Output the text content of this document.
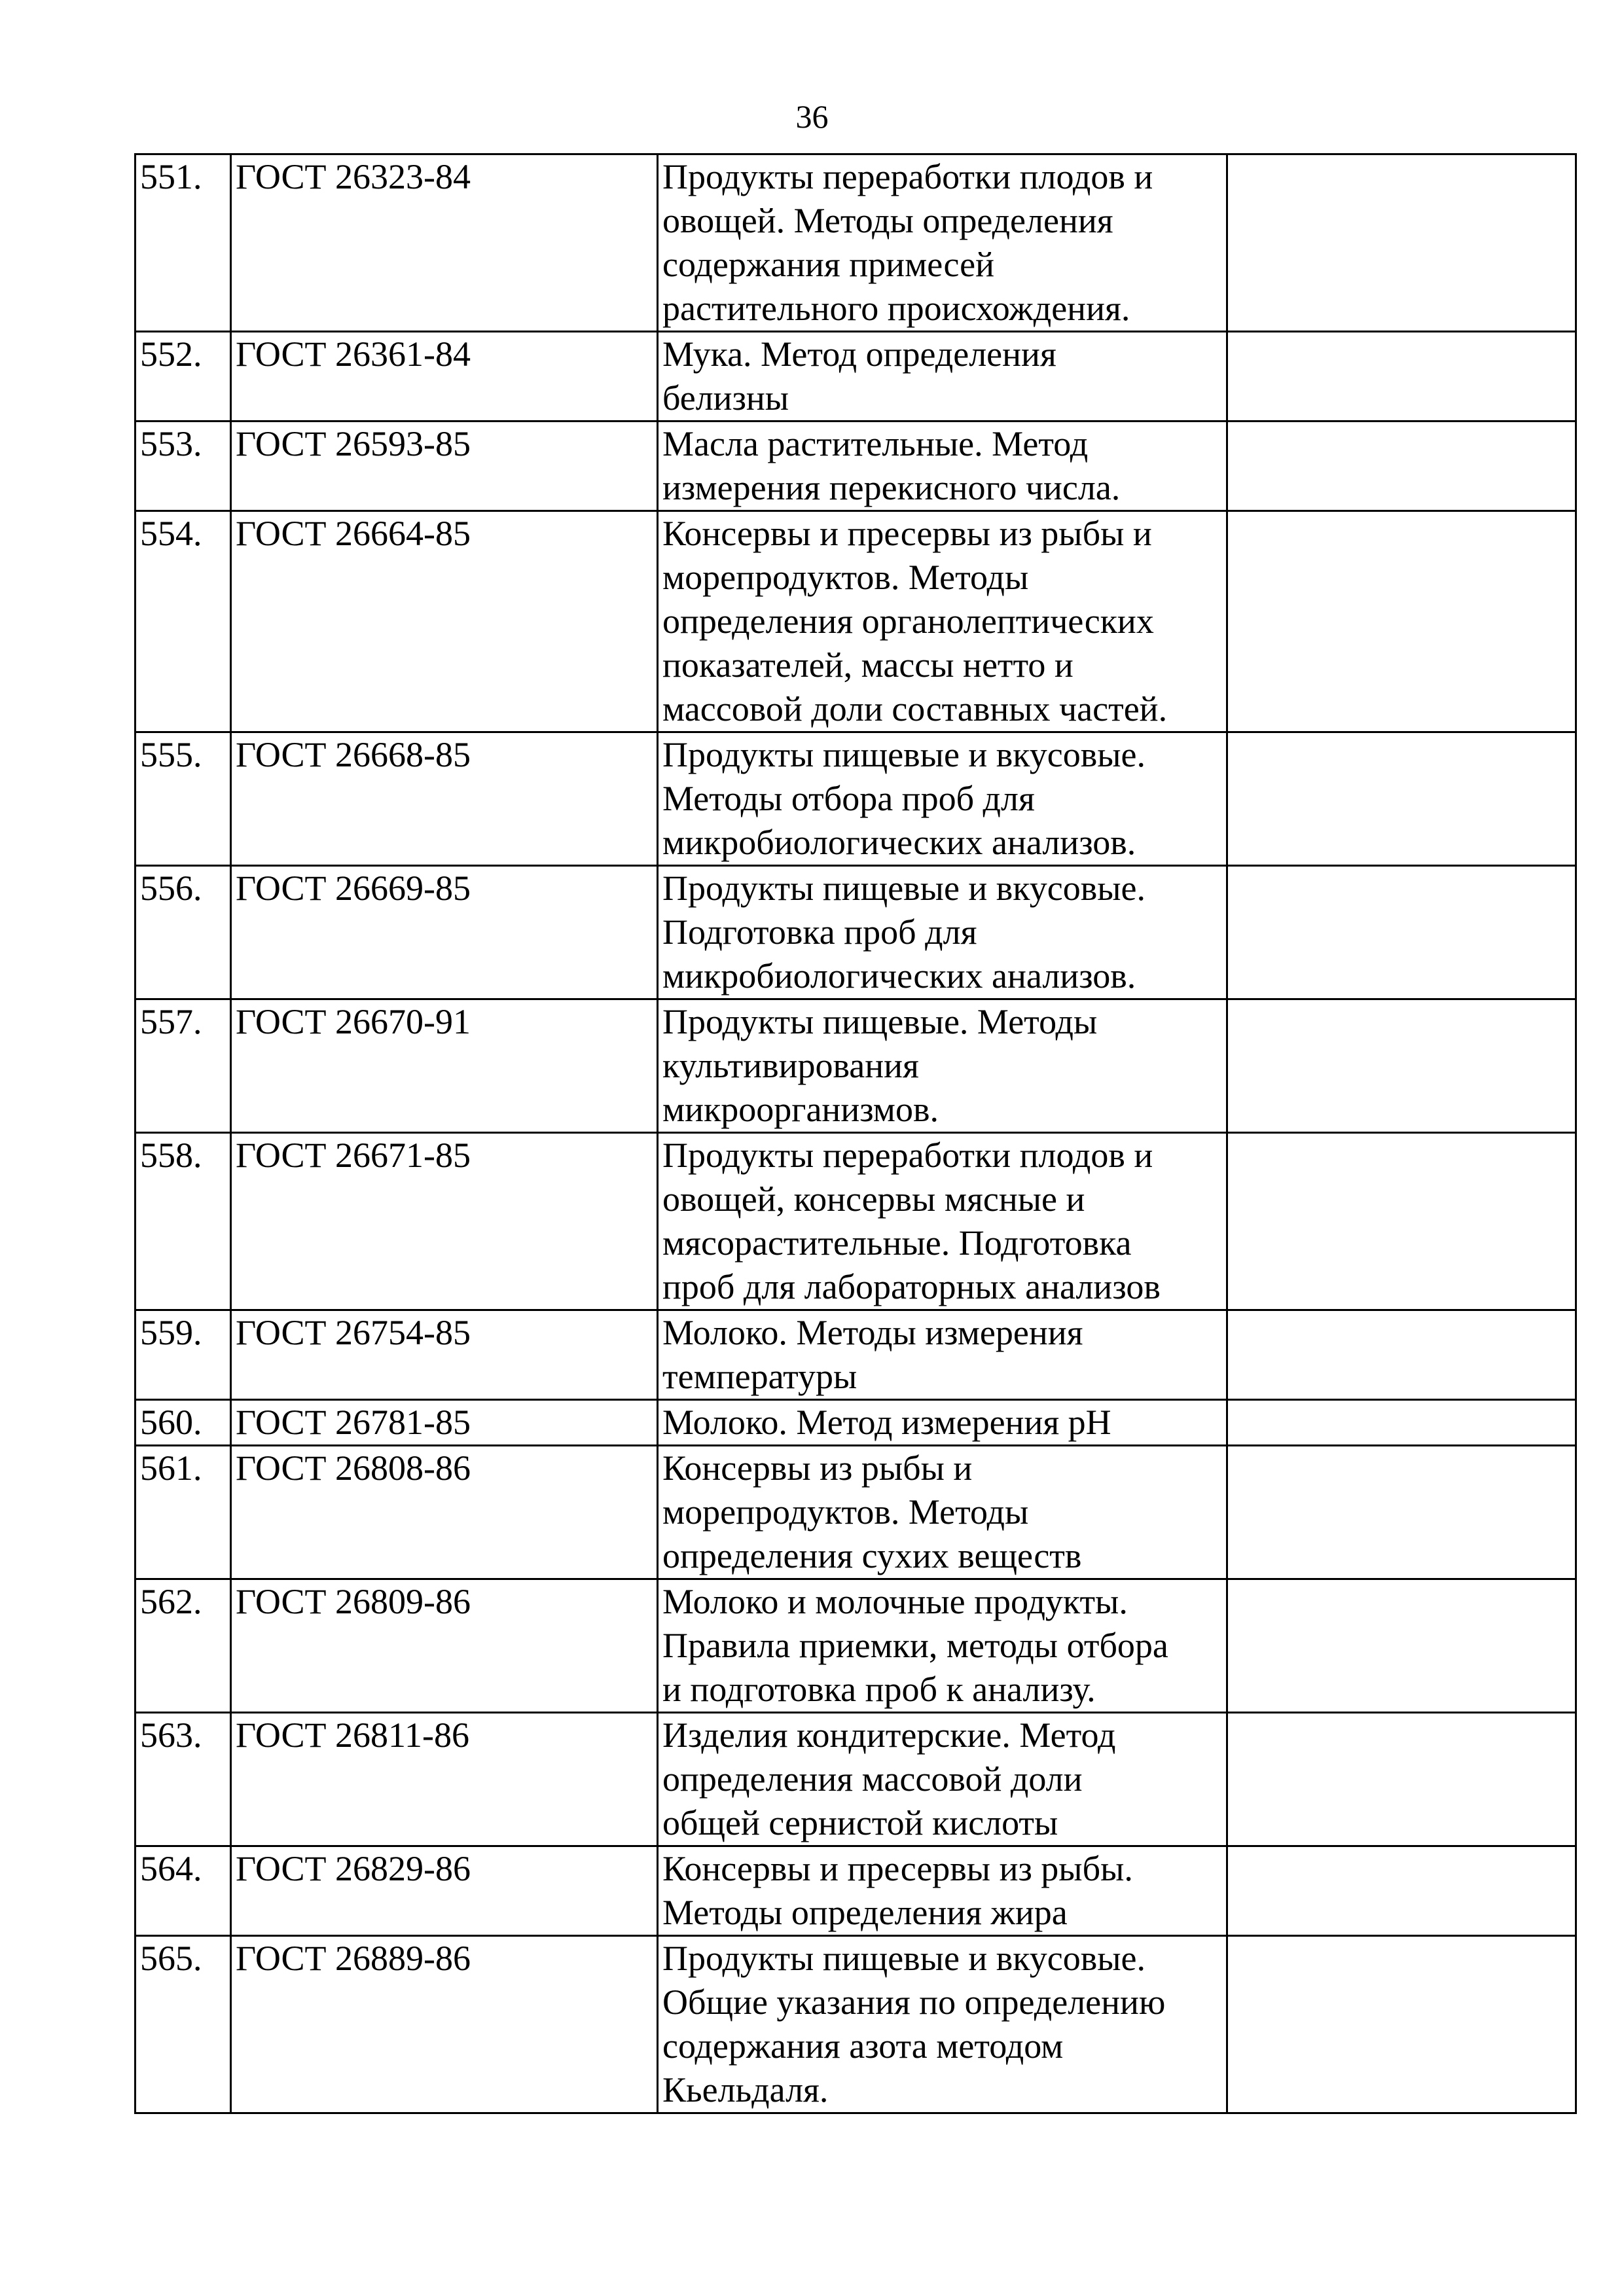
36
551.	ГОСТ 26323-84	Продукты переработки плодов и
овощей. Методы определения
содержания примесей
растительного происхождения.	

552.	ГОСТ 26361-84	Мука. Метод определения
белизны	

553.	ГОСТ 26593-85	Масла растительные. Метод
измерения перекисного числа.	

554.	ГОСТ 26664-85	Консервы и пресервы из рыбы и
морепродуктов. Методы
определения органолептических
показателей, массы нетто и
массовой доли составных частей.	

555.	ГОСТ 26668-85	Продукты пищевые и вкусовые.
Методы отбора проб для
микробиологических анализов.	

556.	ГОСТ 26669-85	Продукты пищевые и вкусовые.
Подготовка проб для
микробиологических анализов.	

557.	ГОСТ 26670-91	Продукты пищевые. Методы
культивирования
микроорганизмов.	

558.	ГОСТ 26671-85	Продукты переработки плодов и
овощей, консервы мясные и
мясорастительные. Подготовка
проб для лабораторных анализов	

559.	ГОСТ 26754-85	Молоко. Методы измерения
температуры	

560.	ГОСТ 26781-85	Молоко. Метод измерения pH	

561.	ГОСТ 26808-86	Консервы из рыбы и
морепродуктов. Методы
определения сухих веществ	

562.	ГОСТ 26809-86	Молоко и молочные продукты.
Правила приемки, методы отбора
и подготовка проб к анализу.	

563.	ГОСТ 26811-86	Изделия кондитерские. Метод
определения массовой доли
общей сернистой кислоты	

564.	ГОСТ 26829-86	Консервы и пресервы из рыбы.
Методы определения жира	

565.	ГОСТ 26889-86	Продукты пищевые и вкусовые.
Общие указания по определению
содержания азота методом
Кьельдаля.	
